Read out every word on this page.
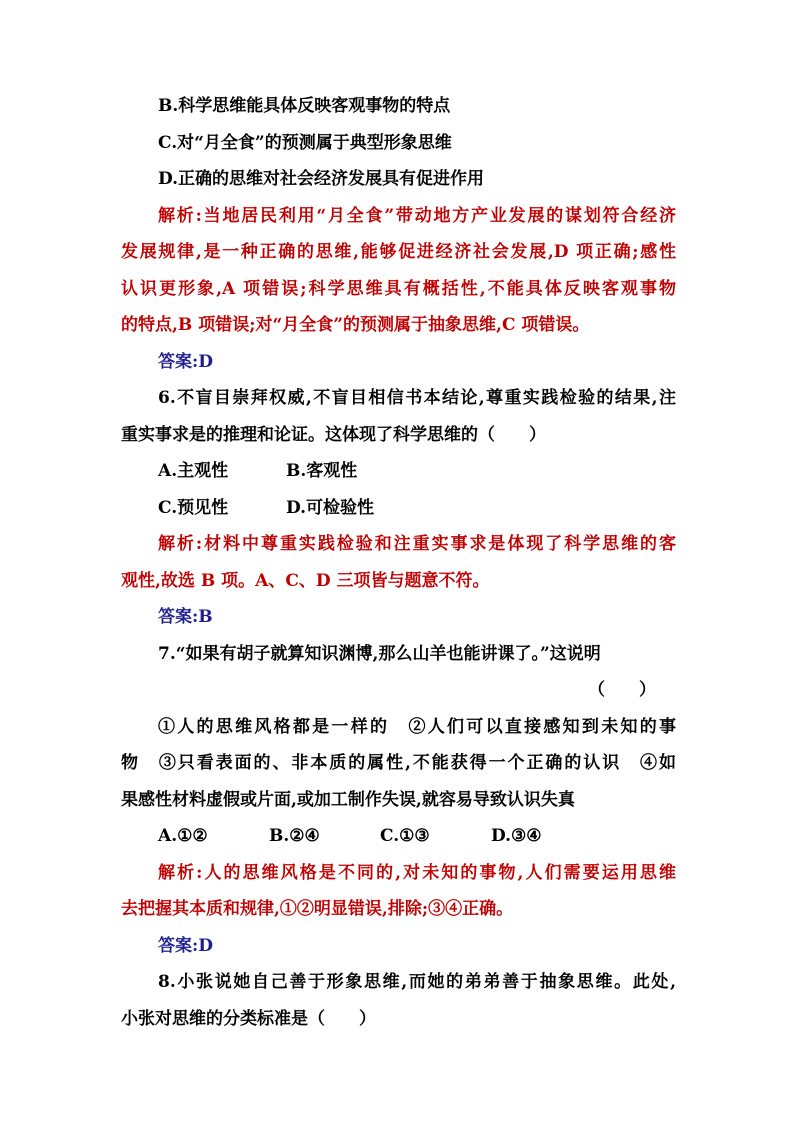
B.科学思维能具体反映客观事物的特点
C.对“月全食”的预测属于典型形象思维
D.正确的思维对社会经济发展具有促进作用
解析:当地居民利用“月全食”带动地方产业发展的谋划符合经济
发展规律,是一种正确的思维,能够促进经济社会发展,D 项正确;感性
认识更形象,A 项错误;科学思维具有概括性,不能具体反映客观事物
的特点,B 项错误;对“月全食”的预测属于抽象思维,C 项错误。
答案:D
6.不盲目崇拜权威,不盲目相信书本结论,尊重实践检验的结果,注
重实事求是的推理和论证。这体现了科学思维的（　　）
A.主观性	B.客观性
C.预见性	D.可检验性
解析:材料中尊重实践检验和注重实事求是体现了科学思维的客
观性,故选 B 项。A、C、D 三项皆与题意不符。
答案:B
7.“如果有胡子就算知识渊博,那么山羊也能讲课了。”这说明
（　　）
①人的思维风格都是一样的　②人们可以直接感知到未知的事
物　③只看表面的、非本质的属性,不能获得一个正确的认识　④如
果感性材料虚假或片面,或加工制作失误,就容易导致认识失真
A.①②	B.②④	C.①③	D.③④
解析:人的思维风格是不同的,对未知的事物,人们需要运用思维
去把握其本质和规律,①②明显错误,排除;③④正确。
答案:D
8.小张说她自己善于形象思维,而她的弟弟善于抽象思维。此处,
小张对思维的分类标准是（　　）
